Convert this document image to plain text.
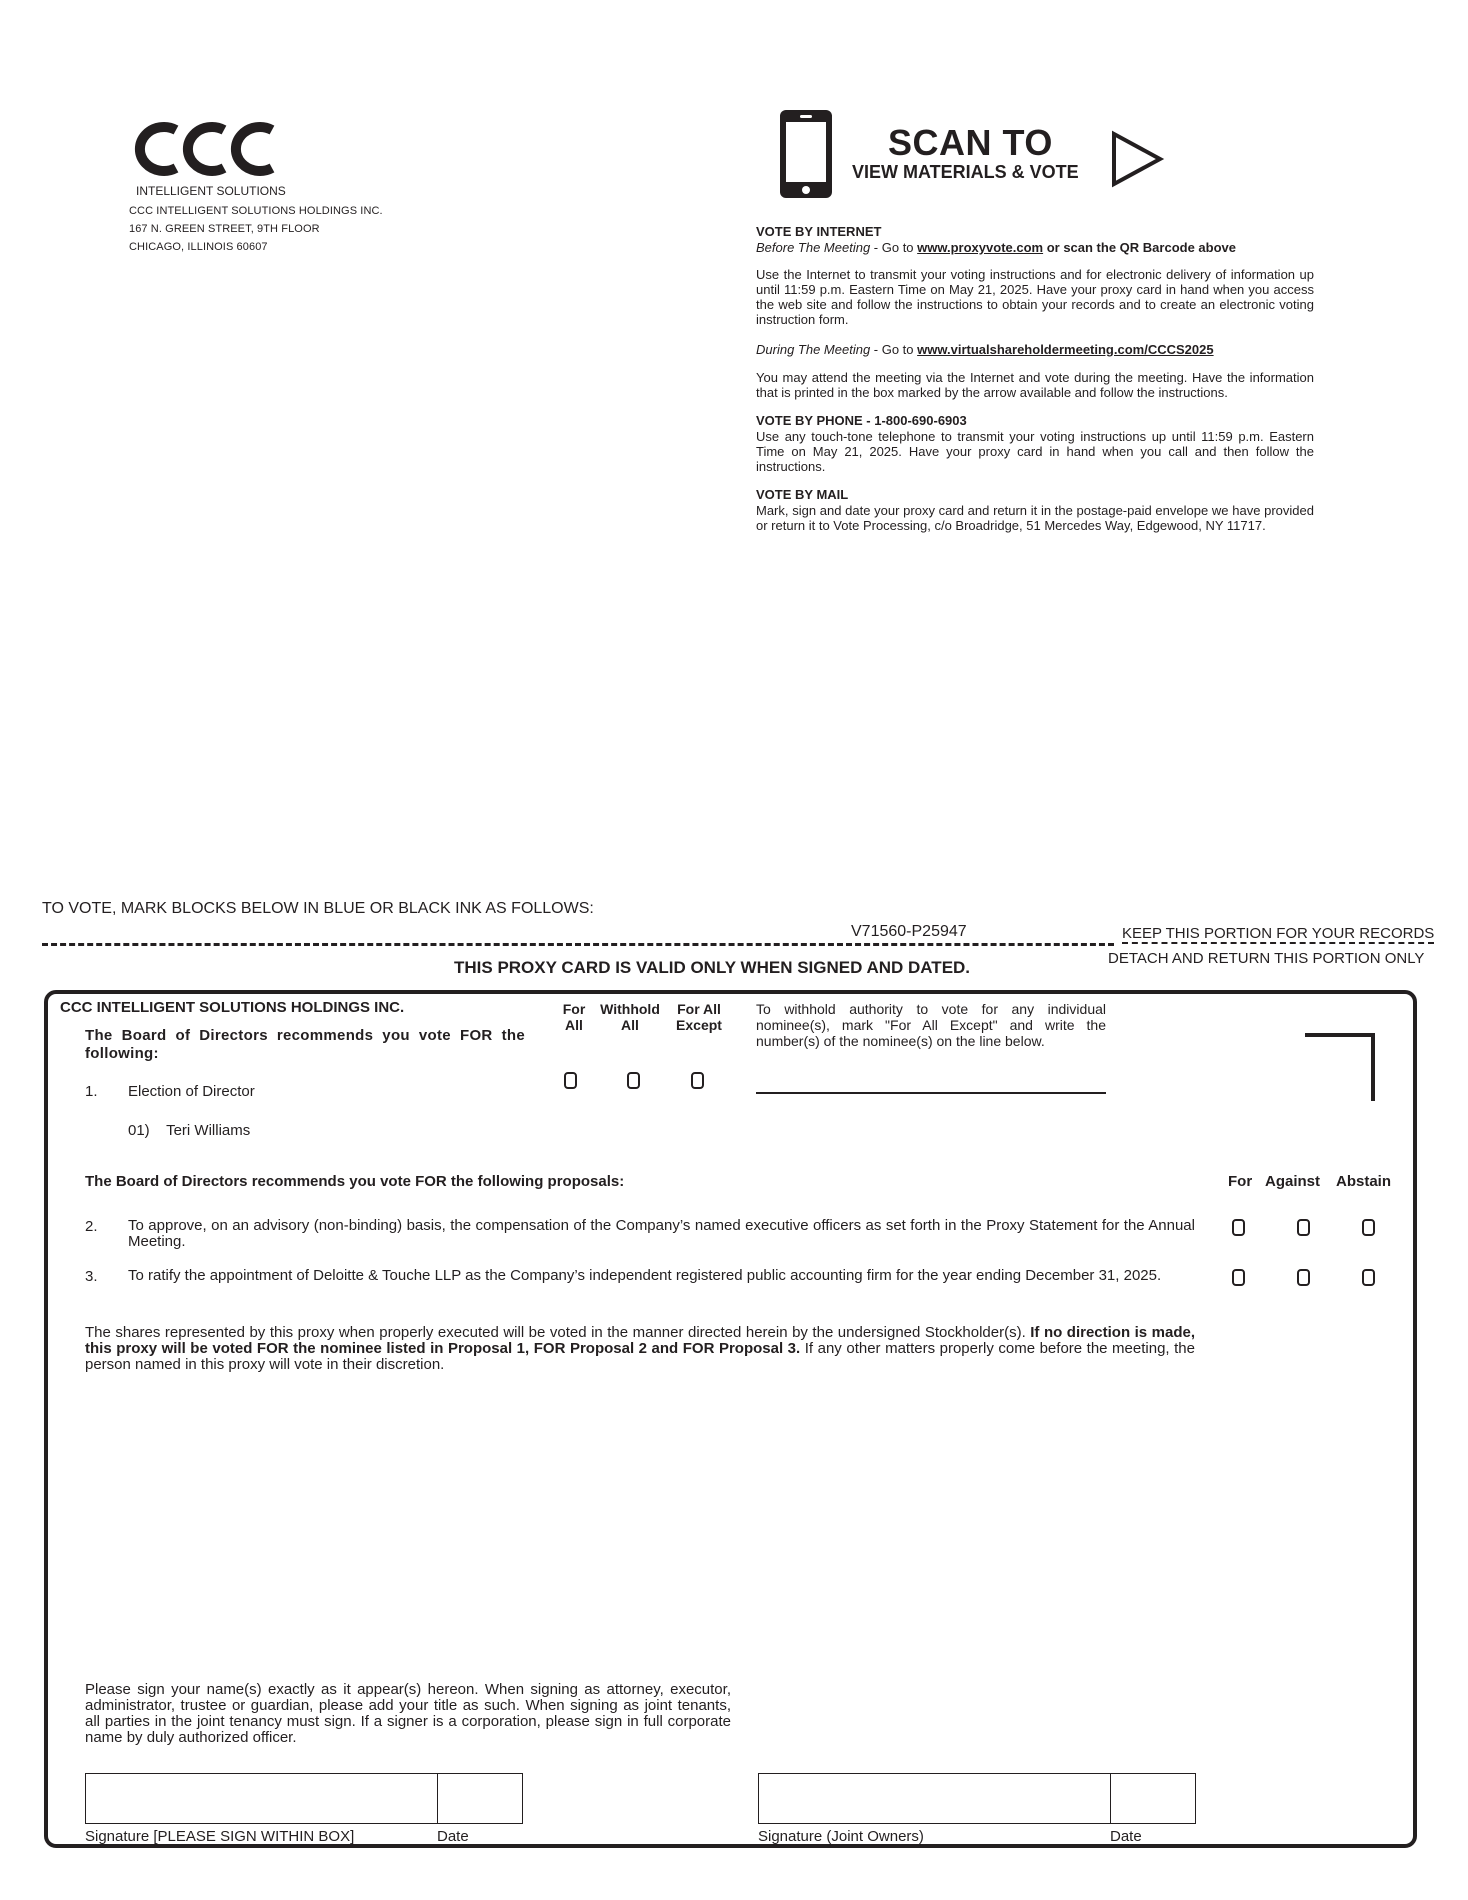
INTELLIGENT SOLUTIONS
CCC INTELLIGENT SOLUTIONS HOLDINGS INC.
167 N. GREEN STREET, 9TH FLOOR
CHICAGO, ILLINOIS 60607
SCAN TO
VIEW MATERIALS & VOTE
VOTE BY INTERNET
Before The Meeting - Go to www.proxyvote.com or scan the QR Barcode above
Use the Internet to transmit your voting instructions and for electronic delivery of information up until 11:59 p.m. Eastern Time on May 21, 2025. Have your proxy card in hand when you access the web site and follow the instructions to obtain your records and to create an electronic voting instruction form.
During The Meeting - Go to www.virtualshareholdermeeting.com/CCCS2025
You may attend the meeting via the Internet and vote during the meeting. Have the information that is printed in the box marked by the arrow available and follow the instructions.
VOTE BY PHONE - 1-800-690-6903
Use any touch-tone telephone to transmit your voting instructions up until 11:59 p.m. Eastern Time on May 21, 2025. Have your proxy card in hand when you call and then follow the instructions.
VOTE BY MAIL
Mark, sign and date your proxy card and return it in the postage-paid envelope we have provided or return it to Vote Processing, c/o Broadridge, 51 Mercedes Way, Edgewood, NY 11717.
TO VOTE, MARK BLOCKS BELOW IN BLUE OR BLACK INK AS FOLLOWS:
V71560-P25947	KEEP THIS PORTION FOR YOUR RECORDS
DETACH AND RETURN THIS PORTION ONLY
THIS PROXY CARD IS VALID ONLY WHEN SIGNED AND DATED.
CCC INTELLIGENT SOLUTIONS HOLDINGS INC.
The Board of Directors recommends you vote FOR the following:
1. Election of Director
01)    Teri Williams
For All
Withhold All
For All Except
To withhold authority to vote for any individual nominee(s), mark "For All Except" and write the number(s) of the nominee(s) on the line below.
The Board of Directors recommends you vote FOR the following proposals:	For Against Abstain
2. To approve, on an advisory (non-binding) basis, the compensation of the Company’s named executive officers as set forth in the Proxy Statement for the Annual Meeting.
3. To ratify the appointment of Deloitte & Touche LLP as the Company’s independent registered public accounting firm for the year ending December 31, 2025.
The shares represented by this proxy when properly executed will be voted in the manner directed herein by the undersigned Stockholder(s). If no direction is made, this proxy will be voted FOR the nominee listed in Proposal 1, FOR Proposal 2 and FOR Proposal 3. If any other matters properly come before the meeting, the person named in this proxy will vote in their discretion.
Please sign your name(s) exactly as it appear(s) hereon. When signing as attorney, executor, administrator, trustee or guardian, please add your title as such. When signing as joint tenants, all parties in the joint tenancy must sign. If a signer is a corporation, please sign in full corporate name by duly authorized officer.
Signature [PLEASE SIGN WITHIN BOX]	Date	Signature (Joint Owners)	Date
